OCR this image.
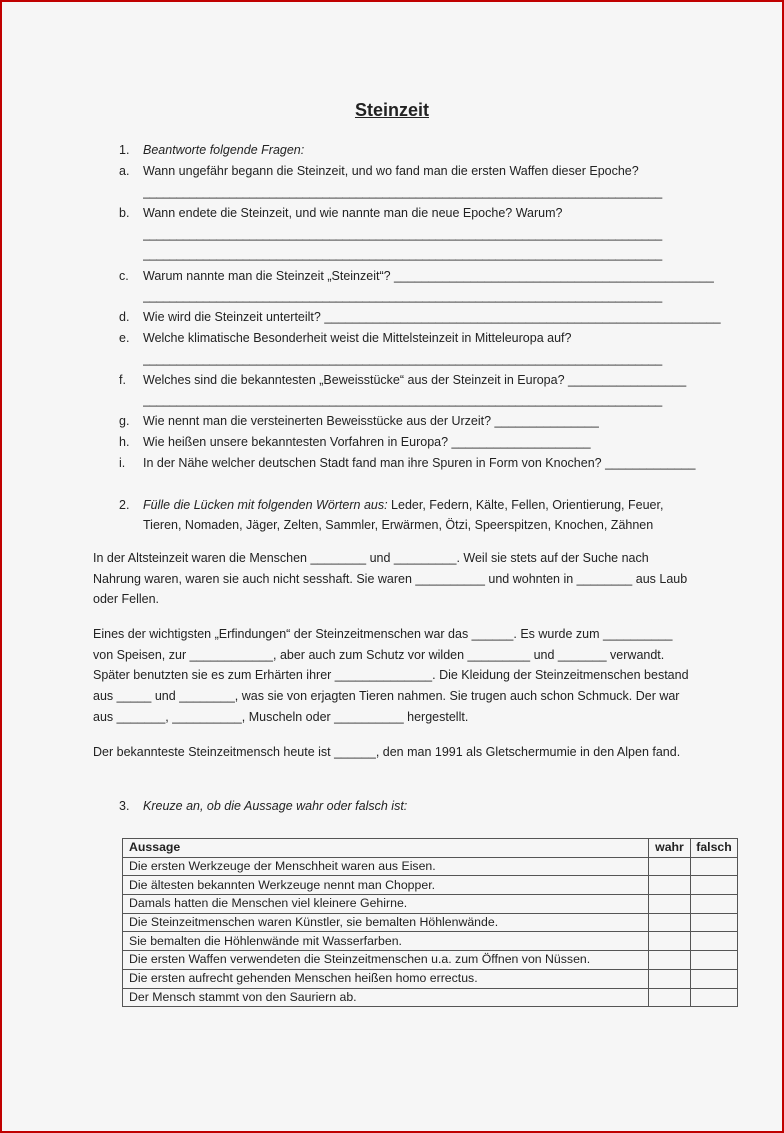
Steinzeit
1. Beantworte folgende Fragen:
a. Wann ungefähr begann die Steinzeit, und wo fand man die ersten Waffen dieser Epoche?
______________________________________________________________________________
b. Wann endete die Steinzeit, und wie nannte man die neue Epoche? Warum?
______________________________________________________________________________
______________________________________________________________________________
c. Warum nannte man die Steinzeit „Steinzeit“? ______________________________________________
______________________________________________________________________________
d. Wie wird die Steinzeit unterteilt? _________________________________________________________
e. Welche klimatische Besonderheit weist die Mittelsteinzeit in Mitteleuropa auf?
______________________________________________________________________________
f. Welches sind die bekanntesten „Beweisstücke“ aus der Steinzeit in Europa? _________________
______________________________________________________________________________
g. Wie nennt man die versteinerten Beweisstücke aus der Urzeit? _______________
h. Wie heißen unsere bekanntesten Vorfahren in Europa? ____________________
i. In der Nähe welcher deutschen Stadt fand man ihre Spuren in Form von Knochen? _____________
2. Fülle die Lücken mit folgenden Wörtern aus: Leder, Federn, Kälte, Fellen, Orientierung, Feuer,
Tieren, Nomaden, Jäger, Zelten, Sammler, Erwärmen, Ötzi, Speerspitzen, Knochen, Zähnen

In der Altsteinzeit waren die Menschen ________ und _________. Weil sie stets auf der Suche nach

Nahrung waren, waren sie auch nicht sesshaft. Sie waren __________ und wohnten in ________ aus Laub

oder Fellen.

Eines der wichtigsten „Erfindungen“ der Steinzeitmenschen war das ______. Es wurde zum __________

von Speisen, zur ____________, aber auch zum Schutz vor wilden _________ und _______ verwandt.

Später benutzten sie es zum Erhärten ihrer ______________. Die Kleidung der Steinzeitmenschen bestand

aus _____ und ________, was sie von erjagten Tieren nahmen. Sie trugen auch schon Schmuck. Der war

aus _______, __________, Muscheln oder __________ hergestellt.

Der bekannteste Steinzeitmensch heute ist ______, den man 1991 als Gletschermumie in den Alpen fand.

3. Kreuze an, ob die Aussage wahr oder falsch ist:
Aussage	wahr	falsch
Die ersten Werkzeuge der Menschheit waren aus Eisen.		
Die ältesten bekannten Werkzeuge nennt man Chopper.		
Damals hatten die Menschen viel kleinere Gehirne.		
Die Steinzeitmenschen waren Künstler, sie bemalten Höhlenwände.		
Sie bemalten die Höhlenwände mit Wasserfarben.		
Die ersten Waffen verwendeten die Steinzeitmenschen u.a. zum Öffnen von Nüssen.		
Die ersten aufrecht gehenden Menschen heißen homo errectus.		
Der Mensch stammt von den Sauriern ab.		
